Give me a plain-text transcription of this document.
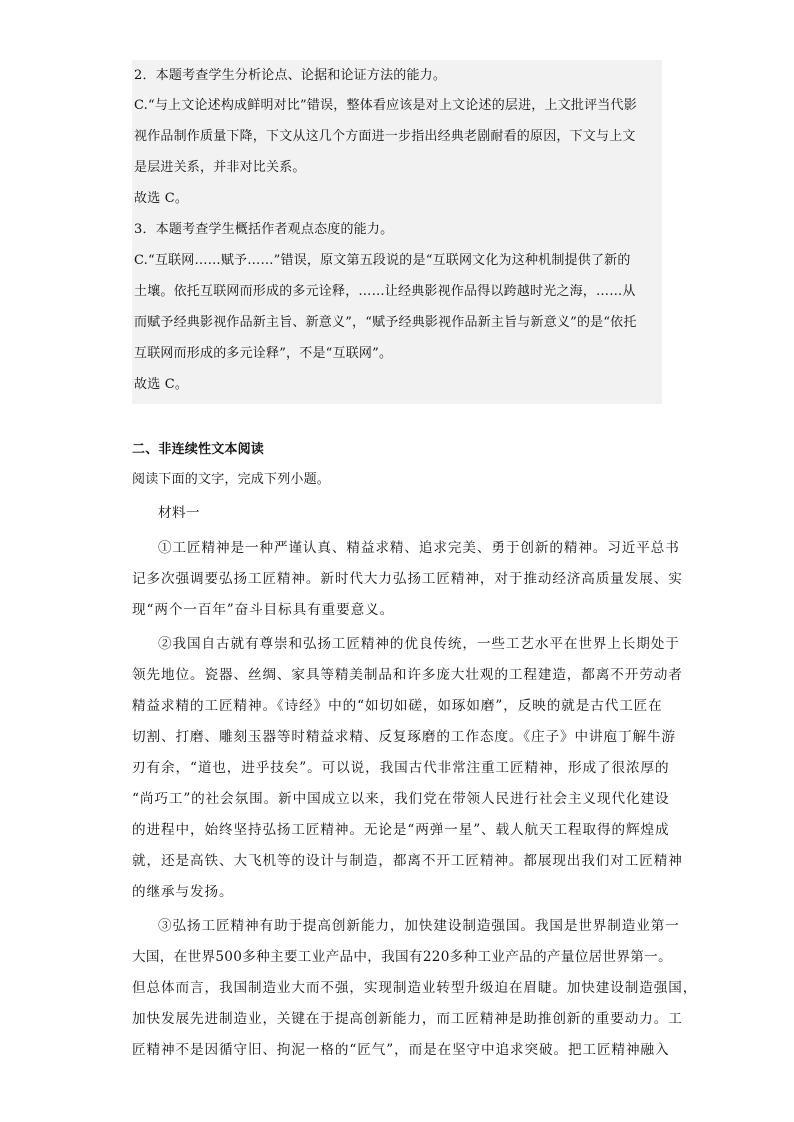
2．本题考查学生分析论点、论据和论证方法的能力。
C.“与上文论述构成鲜明对比”错误，整体看应该是对上文论述的层进，上文批评当代影
视作品制作质量下降，下文从这几个方面进一步指出经典老剧耐看的原因，下文与上文
是层进关系，并非对比关系。
故选 C。
3．本题考查学生概括作者观点态度的能力。
C.“互联网……赋予……”错误，原文第五段说的是“互联网文化为这种机制提供了新的
土壤。依托互联网而形成的多元诠释，……让经典影视作品得以跨越时光之海，……从
而赋予经典影视作品新主旨、新意义”，“赋予经典影视作品新主旨与新意义”的是“依托
互联网而形成的多元诠释”，不是“互联网”。
故选 C。
二、非连续性文本阅读
阅读下面的文字，完成下列小题。
材料一
①工匠精神是一种严谨认真、精益求精、追求完美、勇于创新的精神。习近平总书
记多次强调要弘扬工匠精神。新时代大力弘扬工匠精神，对于推动经济高质量发展、实
现“两个一百年”奋斗目标具有重要意义。
②我国自古就有尊崇和弘扬工匠精神的优良传统，一些工艺水平在世界上长期处于
领先地位。瓷器、丝绸、家具等精美制品和许多庞大壮观的工程建造，都离不开劳动者
精益求精的工匠精神。《诗经》中的“如切如磋，如琢如磨”，反映的就是古代工匠在
切割、打磨、雕刻玉器等时精益求精、反复琢磨的工作态度。《庄子》中讲庖丁解牛游
刃有余，“道也，进乎技矣”。可以说，我国古代非常注重工匠精神，形成了很浓厚的
“尚巧工”的社会氛围。新中国成立以来，我们党在带领人民进行社会主义现代化建设
的进程中，始终坚持弘扬工匠精神。无论是“两弹一星”、载人航天工程取得的辉煌成
就，还是高铁、大飞机等的设计与制造，都离不开工匠精神。都展现出我们对工匠精神
的继承与发扬。
③弘扬工匠精神有助于提高创新能力，加快建设制造强国。我国是世界制造业第一
大国，在世界500多种主要工业产品中，我国有220多种工业产品的产量位居世界第一。
但总体而言，我国制造业大而不强，实现制造业转型升级迫在眉睫。加快建设制造强国，
加快发展先进制造业，关键在于提高创新能力，而工匠精神是助推创新的重要动力。工
匠精神不是因循守旧、拘泥一格的“匠气”，而是在坚守中追求突破。把工匠精神融入
